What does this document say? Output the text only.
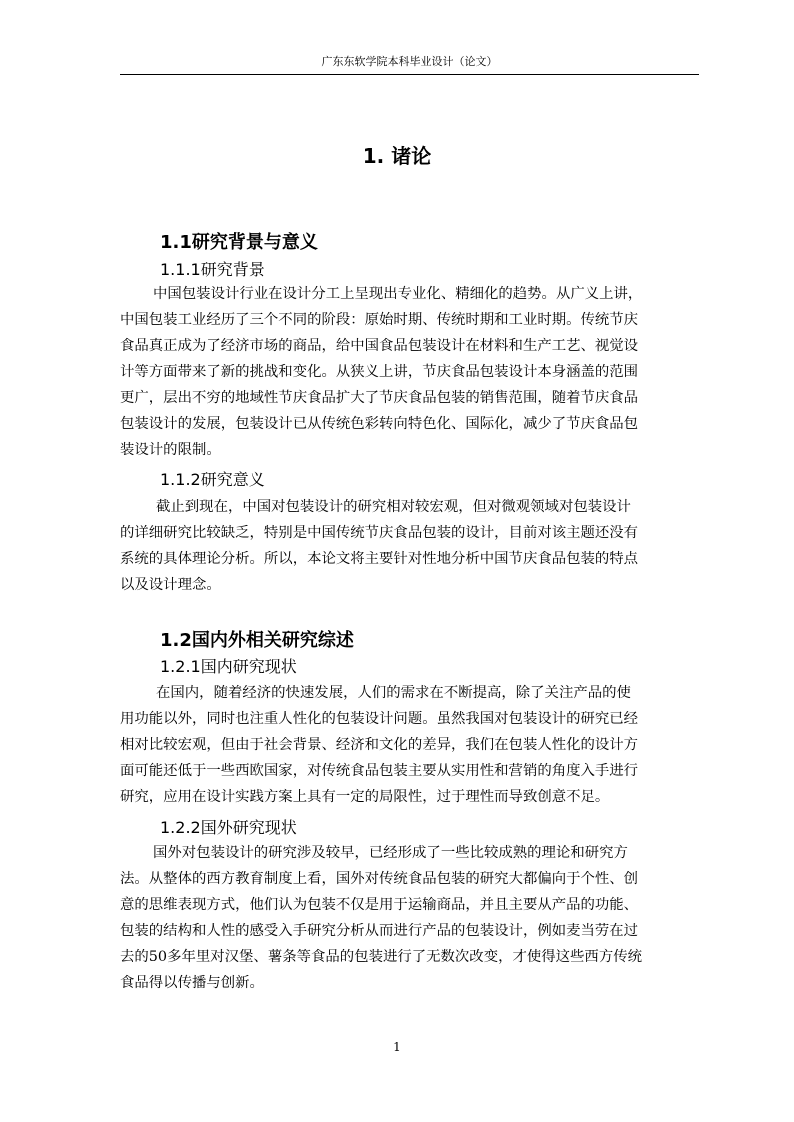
广东东软学院本科毕业设计（论文）
1. 诸论
1.1研究背景与意义
1.1.1研究背景
中国包装设计行业在设计分工上呈现出专业化、精细化的趋势。从广义上讲，
中国包装工业经历了三个不同的阶段：原始时期、传统时期和工业时期。传统节庆
食品真正成为了经济市场的商品，给中国食品包装设计在材料和生产工艺、视觉设
计等方面带来了新的挑战和变化。从狭义上讲，节庆食品包装设计本身涵盖的范围
更广，层出不穷的地域性节庆食品扩大了节庆食品包装的销售范围，随着节庆食品
包装设计的发展，包装设计已从传统色彩转向特色化、国际化，减少了节庆食品包
装设计的限制。
1.1.2研究意义
截止到现在，中国对包装设计的研究相对较宏观，但对微观领域对包装设计
的详细研究比较缺乏，特别是中国传统节庆食品包装的设计，目前对该主题还没有
系统的具体理论分析。所以，本论文将主要针对性地分析中国节庆食品包装的特点
以及设计理念。
1.2国内外相关研究综述
1.2.1国内研究现状
在国内，随着经济的快速发展，人们的需求在不断提高，除了关注产品的使
用功能以外，同时也注重人性化的包装设计问题。虽然我国对包装设计的研究已经
相对比较宏观，但由于社会背景、经济和文化的差异，我们在包装人性化的设计方
面可能还低于一些西欧国家，对传统食品包装主要从实用性和营销的角度入手进行
研究，应用在设计实践方案上具有一定的局限性，过于理性而导致创意不足。
1.2.2国外研究现状
国外对包装设计的研究涉及较早，已经形成了一些比较成熟的理论和研究方
法。从整体的西方教育制度上看，国外对传统食品包装的研究大都偏向于个性、创
意的思维表现方式，他们认为包装不仅是用于运输商品，并且主要从产品的功能、
包装的结构和人性的感受入手研究分析从而进行产品的包装设计，例如麦当劳在过
去的50多年里对汉堡、薯条等食品的包装进行了无数次改变，才使得这些西方传统
食品得以传播与创新。
1
